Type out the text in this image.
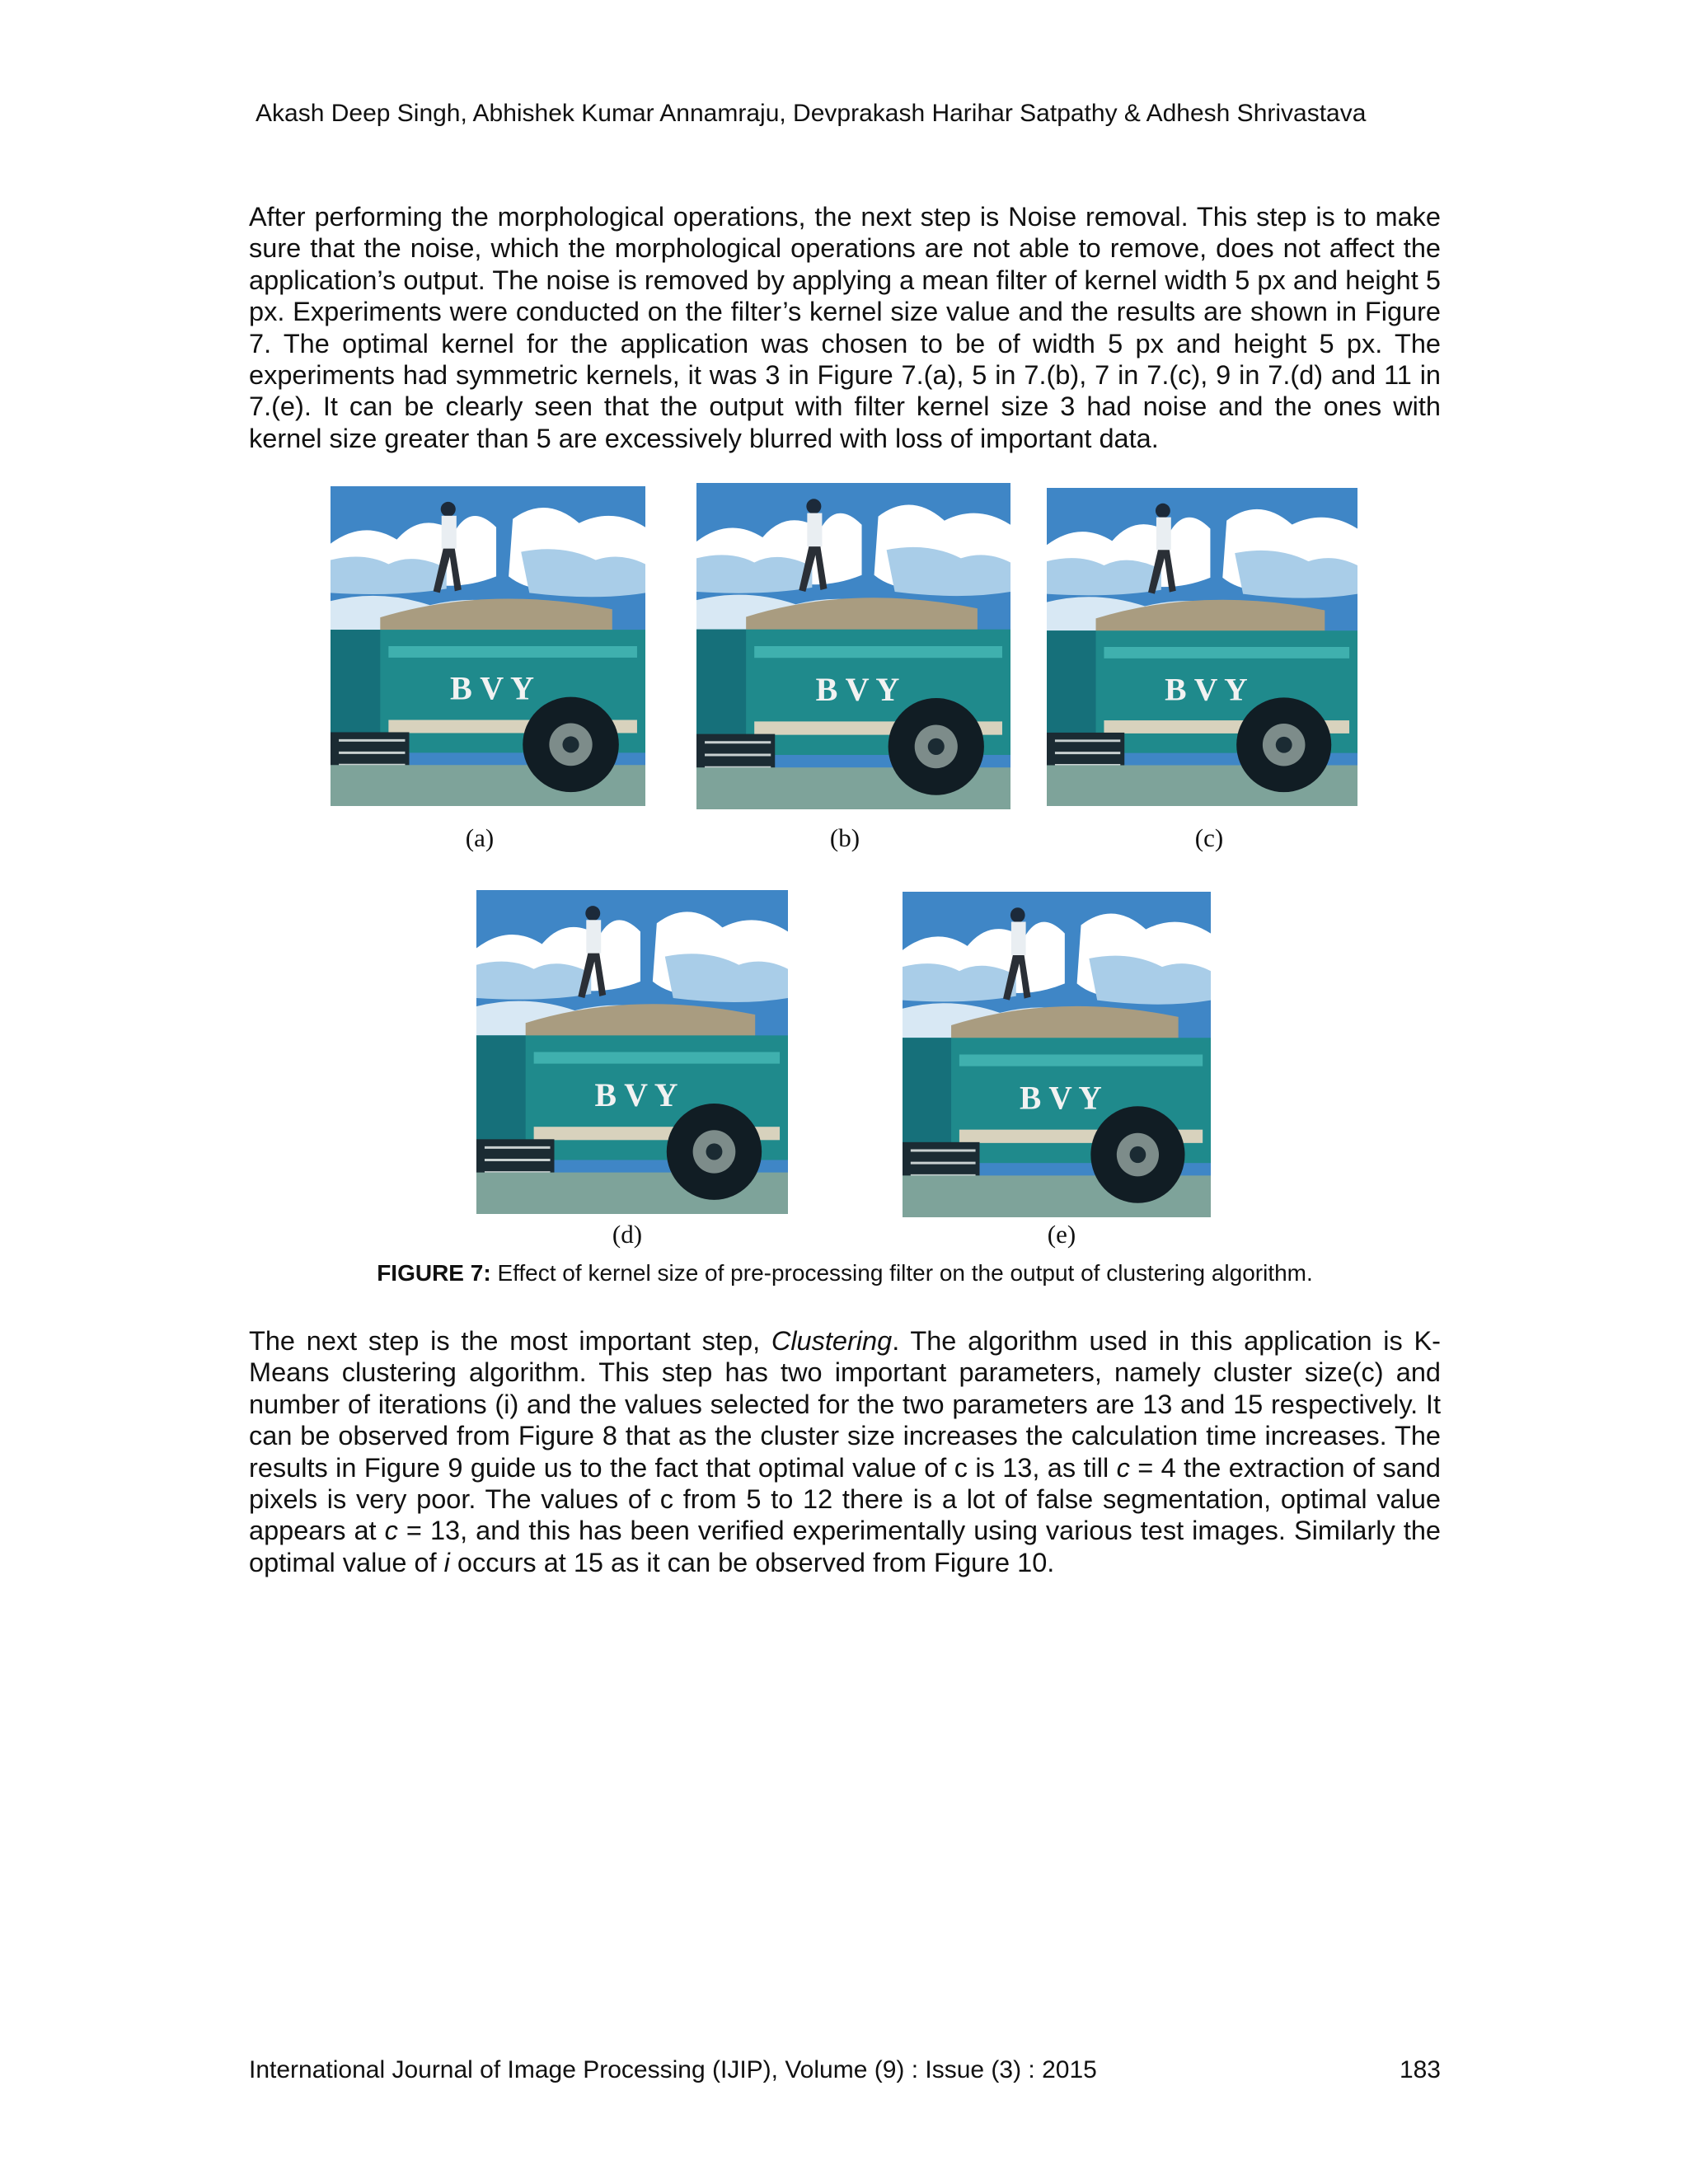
Akash Deep Singh, Abhishek Kumar Annamraju, Devprakash Harihar Satpathy & Adhesh Shrivastava

After performing the morphological operations, the next step is Noise removal. This step is to make sure that the noise, which the morphological operations are not able to remove, does not affect the application’s output. The noise is removed by applying a mean filter of kernel width 5 px and height 5 px. Experiments were conducted on the filter’s kernel size value and the results are shown in Figure 7. The optimal kernel for the application was chosen to be of width 5 px and height 5 px. The experiments had symmetric kernels, it was 3 in Figure 7.(a), 5 in 7.(b), 7 in 7.(c), 9 in 7.(d) and 11 in 7.(e). It can be clearly seen that the output with filter kernel size 3 had noise and the ones with kernel size greater than 5 are excessively blurred with loss of important data.

B V Y	B V Y	B V Y
B V Y	B V Y
(a)	(b)	(c)
(d)	(e)
FIGURE 7: Effect of kernel size of pre-processing filter on the output of clustering algorithm.

The next step is the most important step, Clustering. The algorithm used in this application is K-Means clustering algorithm. This step has two important parameters, namely cluster size(c) and number of iterations (i) and the values selected for the two parameters are 13 and 15 respectively. It can be observed from Figure 8 that as the cluster size increases the calculation time increases. The results in Figure 9 guide us to the fact that optimal value of c is 13, as till c = 4 the extraction of sand pixels is very poor. The values of c from 5 to 12 there is a lot of false segmentation, optimal value appears at c = 13, and this has been verified experimentally using various test images. Similarly the optimal value of i occurs at 15 as it can be observed from Figure 10.

International Journal of Image Processing (IJIP), Volume (9) : Issue (3) : 2015	183
